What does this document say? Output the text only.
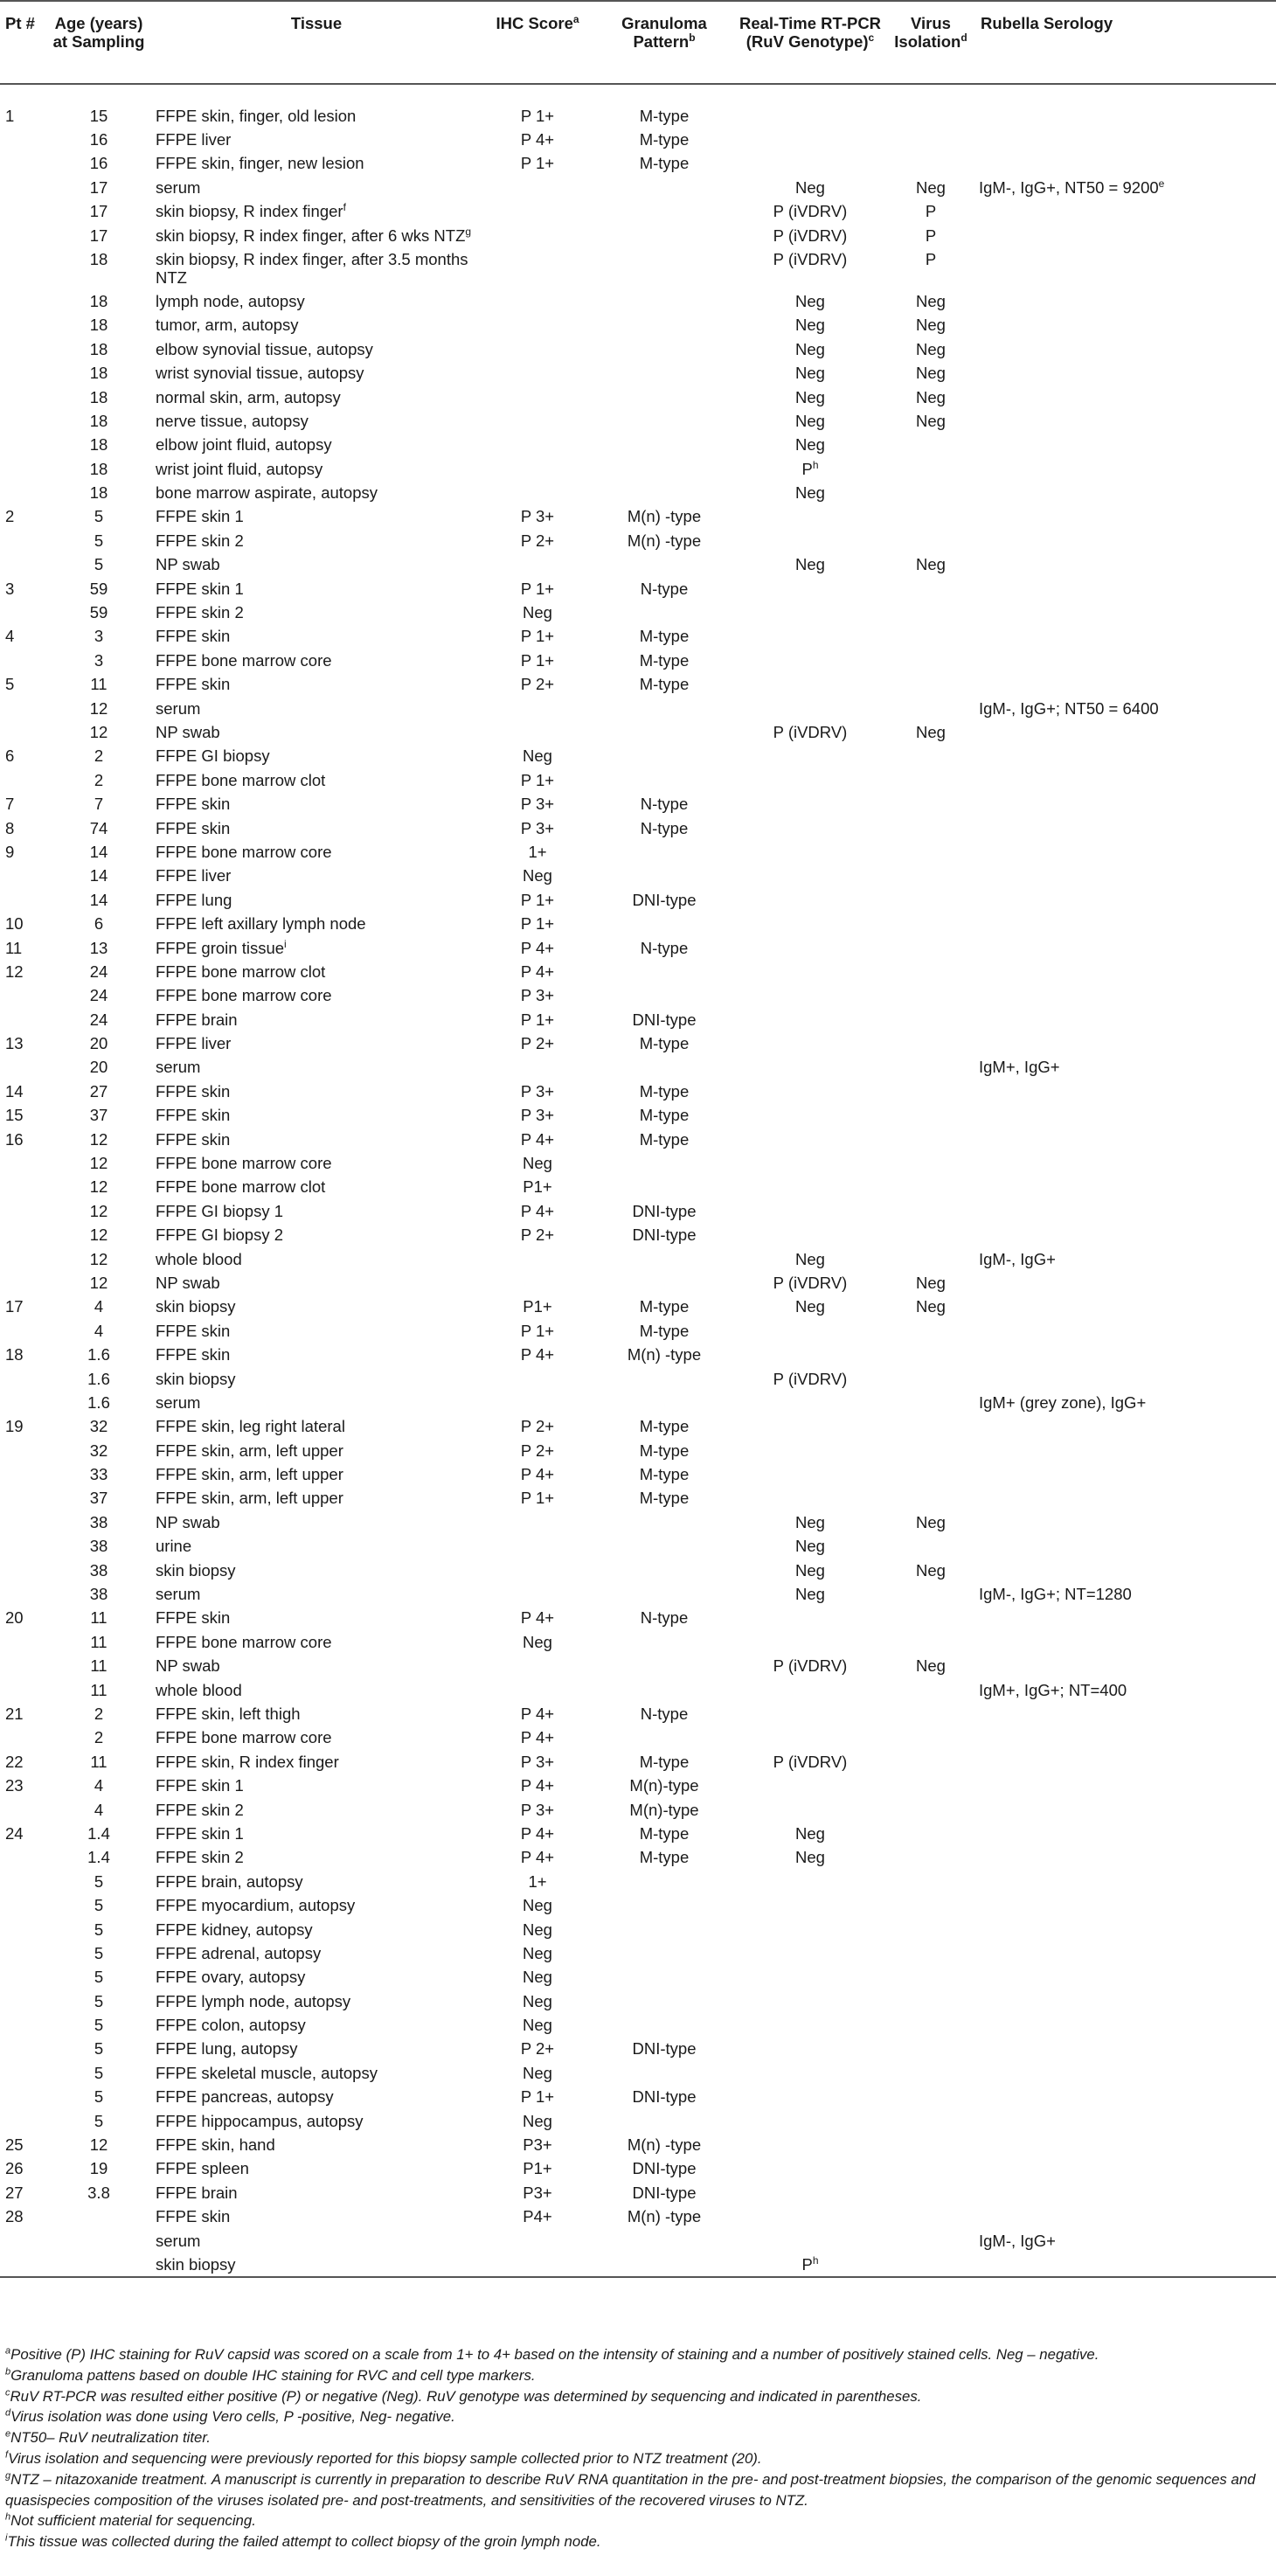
Pt #	Age (years) at Sampling	Tissue	IHC Score$^a$	Granuloma Pattern$^b$	Real-Time RT-PCR (RuV Genotype)$^c$	Virus Isolation$^d$	Rubella Serology
1	15	FFPE skin, finger, old lesion	P 1+	M-type			
	16	FFPE liver	P 4+	M-type			
	16	FFPE skin, finger, new lesion	P 1+	M-type			
	17	serum			Neg	Neg	IgM-, IgG+, $NT50 = 9200^e$
	17	skin biopsy, R index finger$^f$			P (iVDRV)	P	
	17	skin biopsy, R index finger, after 6 wks NTZ$^g$			P (iVDRV)	P	
	18	skin biopsy, R index finger, after 3.5 months NTZ			P (iVDRV)	P	
	18	lymph node, autopsy			Neg	Neg	
	18	tumor, arm, autopsy			Neg	Neg	
	18	elbow synovial tissue, autopsy			Neg	Neg	
	18	wrist synovial tissue, autopsy			Neg	Neg	
	18	normal skin, arm, autopsy			Neg	Neg	
	18	nerve tissue, autopsy			Neg	Neg	
	18	elbow joint fluid, autopsy			Neg		
	18	wrist joint fluid, autopsy			$P^h$		
	18	bone marrow aspirate, autopsy			Neg		
2	5	FFPE skin 1	P 3+	M(n) -type			
	5	FFPE skin 2	P 2+	M(n) -type			
	5	NP swab			Neg	Neg	
3	59	FFPE skin 1	P 1+	N-type			
	59	FFPE skin 2	Neg				
4	3	FFPE skin	P 1+	M-type			
	3	FFPE bone marrow core	P 1+	M-type			
5	11	FFPE skin	P 2+	M-type			
	12	serum					IgM-, IgG+; NT50 = 6400
	12	NP swab			P (iVDRV)	Neg	
6	2	FFPE GI biopsy	Neg				
	2	FFPE bone marrow clot	P 1+				
7	7	FFPE skin	P 3+	N-type			
8	74	FFPE skin	P 3+	N-type			
9	14	FFPE bone marrow core	1+				
	14	FFPE liver	Neg				
	14	FFPE lung	P 1+	DNI-type			
10	6	FFPE left axillary lymph node	P 1+				
11	13	FFPE groin tissue$^i$	P 4+	N-type			
12	24	FFPE bone marrow clot	P 4+				
	24	FFPE bone marrow core	P 3+				
	24	FFPE brain	P 1+	DNI-type			
13	20	FFPE liver	P 2+	M-type			
	20	serum					IgM+, IgG+
14	27	FFPE skin	P 3+	M-type			
15	37	FFPE skin	P 3+	M-type			
16	12	FFPE skin	P 4+	M-type			
	12	FFPE bone marrow core	Neg				
	12	FFPE bone marrow clot	P1+				
	12	FFPE GI biopsy 1	P 4+	DNI-type			
	12	FFPE GI biopsy 2	P 2+	DNI-type			
	12	whole blood			Neg		IgM-, IgG+
	12	NP swab			P (iVDRV)	Neg	
17	4	skin biopsy	P1+	M-type	Neg	Neg	
	4	FFPE skin	P 1+	M-type			
18	1.6	FFPE skin	P 4+	M(n) -type			
	1.6	skin biopsy			P (iVDRV)		
	1.6	serum					IgM+ (grey zone), IgG+
19	32	FFPE skin, leg right lateral	P 2+	M-type			
	32	FFPE skin, arm, left upper	P 2+	M-type			
	33	FFPE skin, arm, left upper	P 4+	M-type			
	37	FFPE skin, arm, left upper	P 1+	M-type			
	38	NP swab			Neg	Neg	
	38	urine			Neg		
	38	skin biopsy			Neg	Neg	
	38	serum			Neg		IgM-, IgG+; NT=1280
20	11	FFPE skin	P 4+	N-type			
	11	FFPE bone marrow core	Neg				
	11	NP swab			P (iVDRV)	Neg	
	11	whole blood					IgM+, IgG+; NT=400
21	2	FFPE skin, left thigh	P 4+	N-type			
	2	FFPE bone marrow core	P 4+				
22	11	FFPE skin, R index finger	P 3+	M-type	P (iVDRV)		
23	4	FFPE skin 1	P 4+	M(n)-type			
	4	FFPE skin 2	P 3+	M(n)-type			
24	1.4	FFPE skin 1	P 4+	M-type	Neg		
	1.4	FFPE skin 2	P 4+	M-type	Neg		
	5	FFPE brain, autopsy	1+				
	5	FFPE myocardium, autopsy	Neg				
	5	FFPE kidney, autopsy	Neg				
	5	FFPE adrenal, autopsy	Neg				
	5	FFPE ovary, autopsy	Neg				
	5	FFPE lymph node, autopsy	Neg				
	5	FFPE colon, autopsy	Neg				
	5	FFPE lung, autopsy	P 2+	DNI-type			
	5	FFPE skeletal muscle, autopsy	Neg				
	5	FFPE pancreas, autopsy	P 1+	DNI-type			
	5	FFPE hippocampus, autopsy	Neg				
25	12	FFPE skin, hand	P3+	M(n) -type			
26	19	FFPE spleen	P1+	DNI-type			
27	3.8	FFPE brain	P3+	DNI-type			
28		FFPE skin	P4+	M(n) -type			
		serum					IgM-, IgG+
		skin biopsy			$P^h$		

$^a$Positive (P) IHC staining for RuV capsid was scored on a scale from 1+ to 4+ based on the intensity of staining and a number of positively stained cells. Neg – negative.

$^b$Granuloma pattens based on double IHC staining for RVC and cell type markers.

$^c$RuV RT-PCR was resulted either positive (P) or negative (Neg). RuV genotype was determined by sequencing and indicated in parentheses.

$^d$Virus isolation was done using Vero cells, P -positive, Neg- negative.

$^e$NT50– RuV neutralization titer.

$^f$Virus isolation and sequencing were previously reported for this biopsy sample collected prior to NTZ treatment (20).

$^g$NTZ – nitazoxanide treatment. A manuscript is currently in preparation to describe RuV RNA quantitation in the pre- and post-treatment biopsies, the comparison of the genomic sequences and quasispecies composition of the viruses isolated pre- and post-treatments, and sensitivities of the recovered viruses to NTZ.

$^h$Not sufficient material for sequencing.

$^i$This tissue was collected during the failed attempt to collect biopsy of the groin lymph node.
